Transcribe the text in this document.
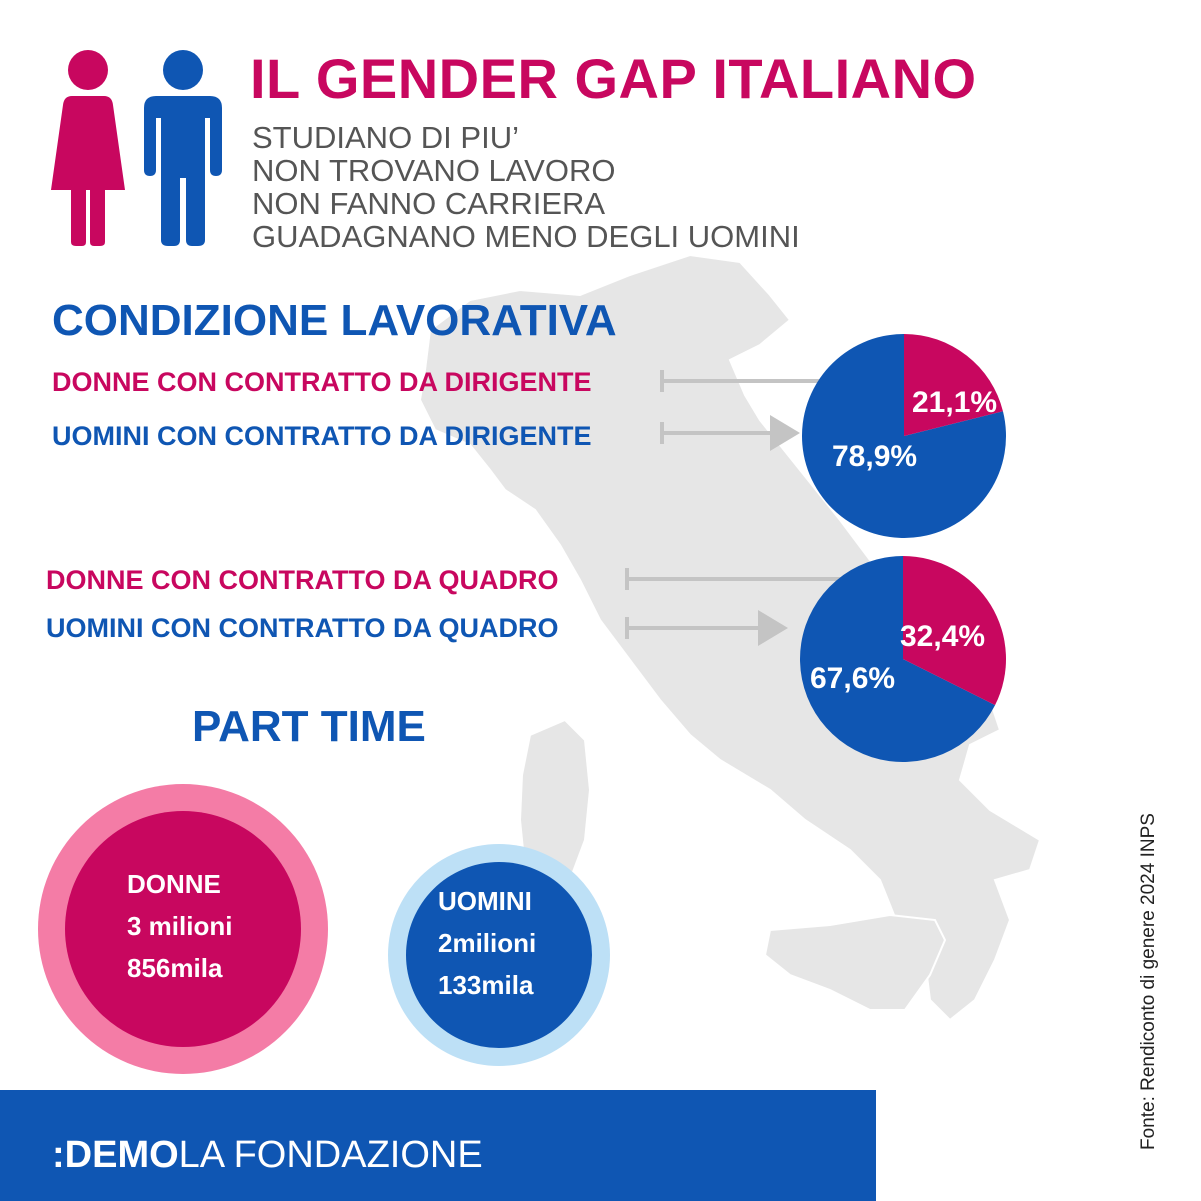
IL GENDER GAP ITALIANO
STUDIANO DI PIU’
NON TROVANO LAVORO
NON FANNO CARRIERA
GUADAGNANO MENO DEGLI UOMINI
CONDIZIONE LAVORATIVA
DONNE CON CONTRATTO DA DIRIGENTE
UOMINI CON CONTRATTO DA DIRIGENTE
DONNE CON CONTRATTO DA QUADRO
UOMINI CON CONTRATTO DA QUADRO
21,1%
78,9%
32,4%
67,6%
PART TIME
DONNE
3 milioni
856mila
UOMINI
2milioni
133mila
:DEMOLA FONDAZIONE
Fonte: Rendiconto di genere 2024 INPS
